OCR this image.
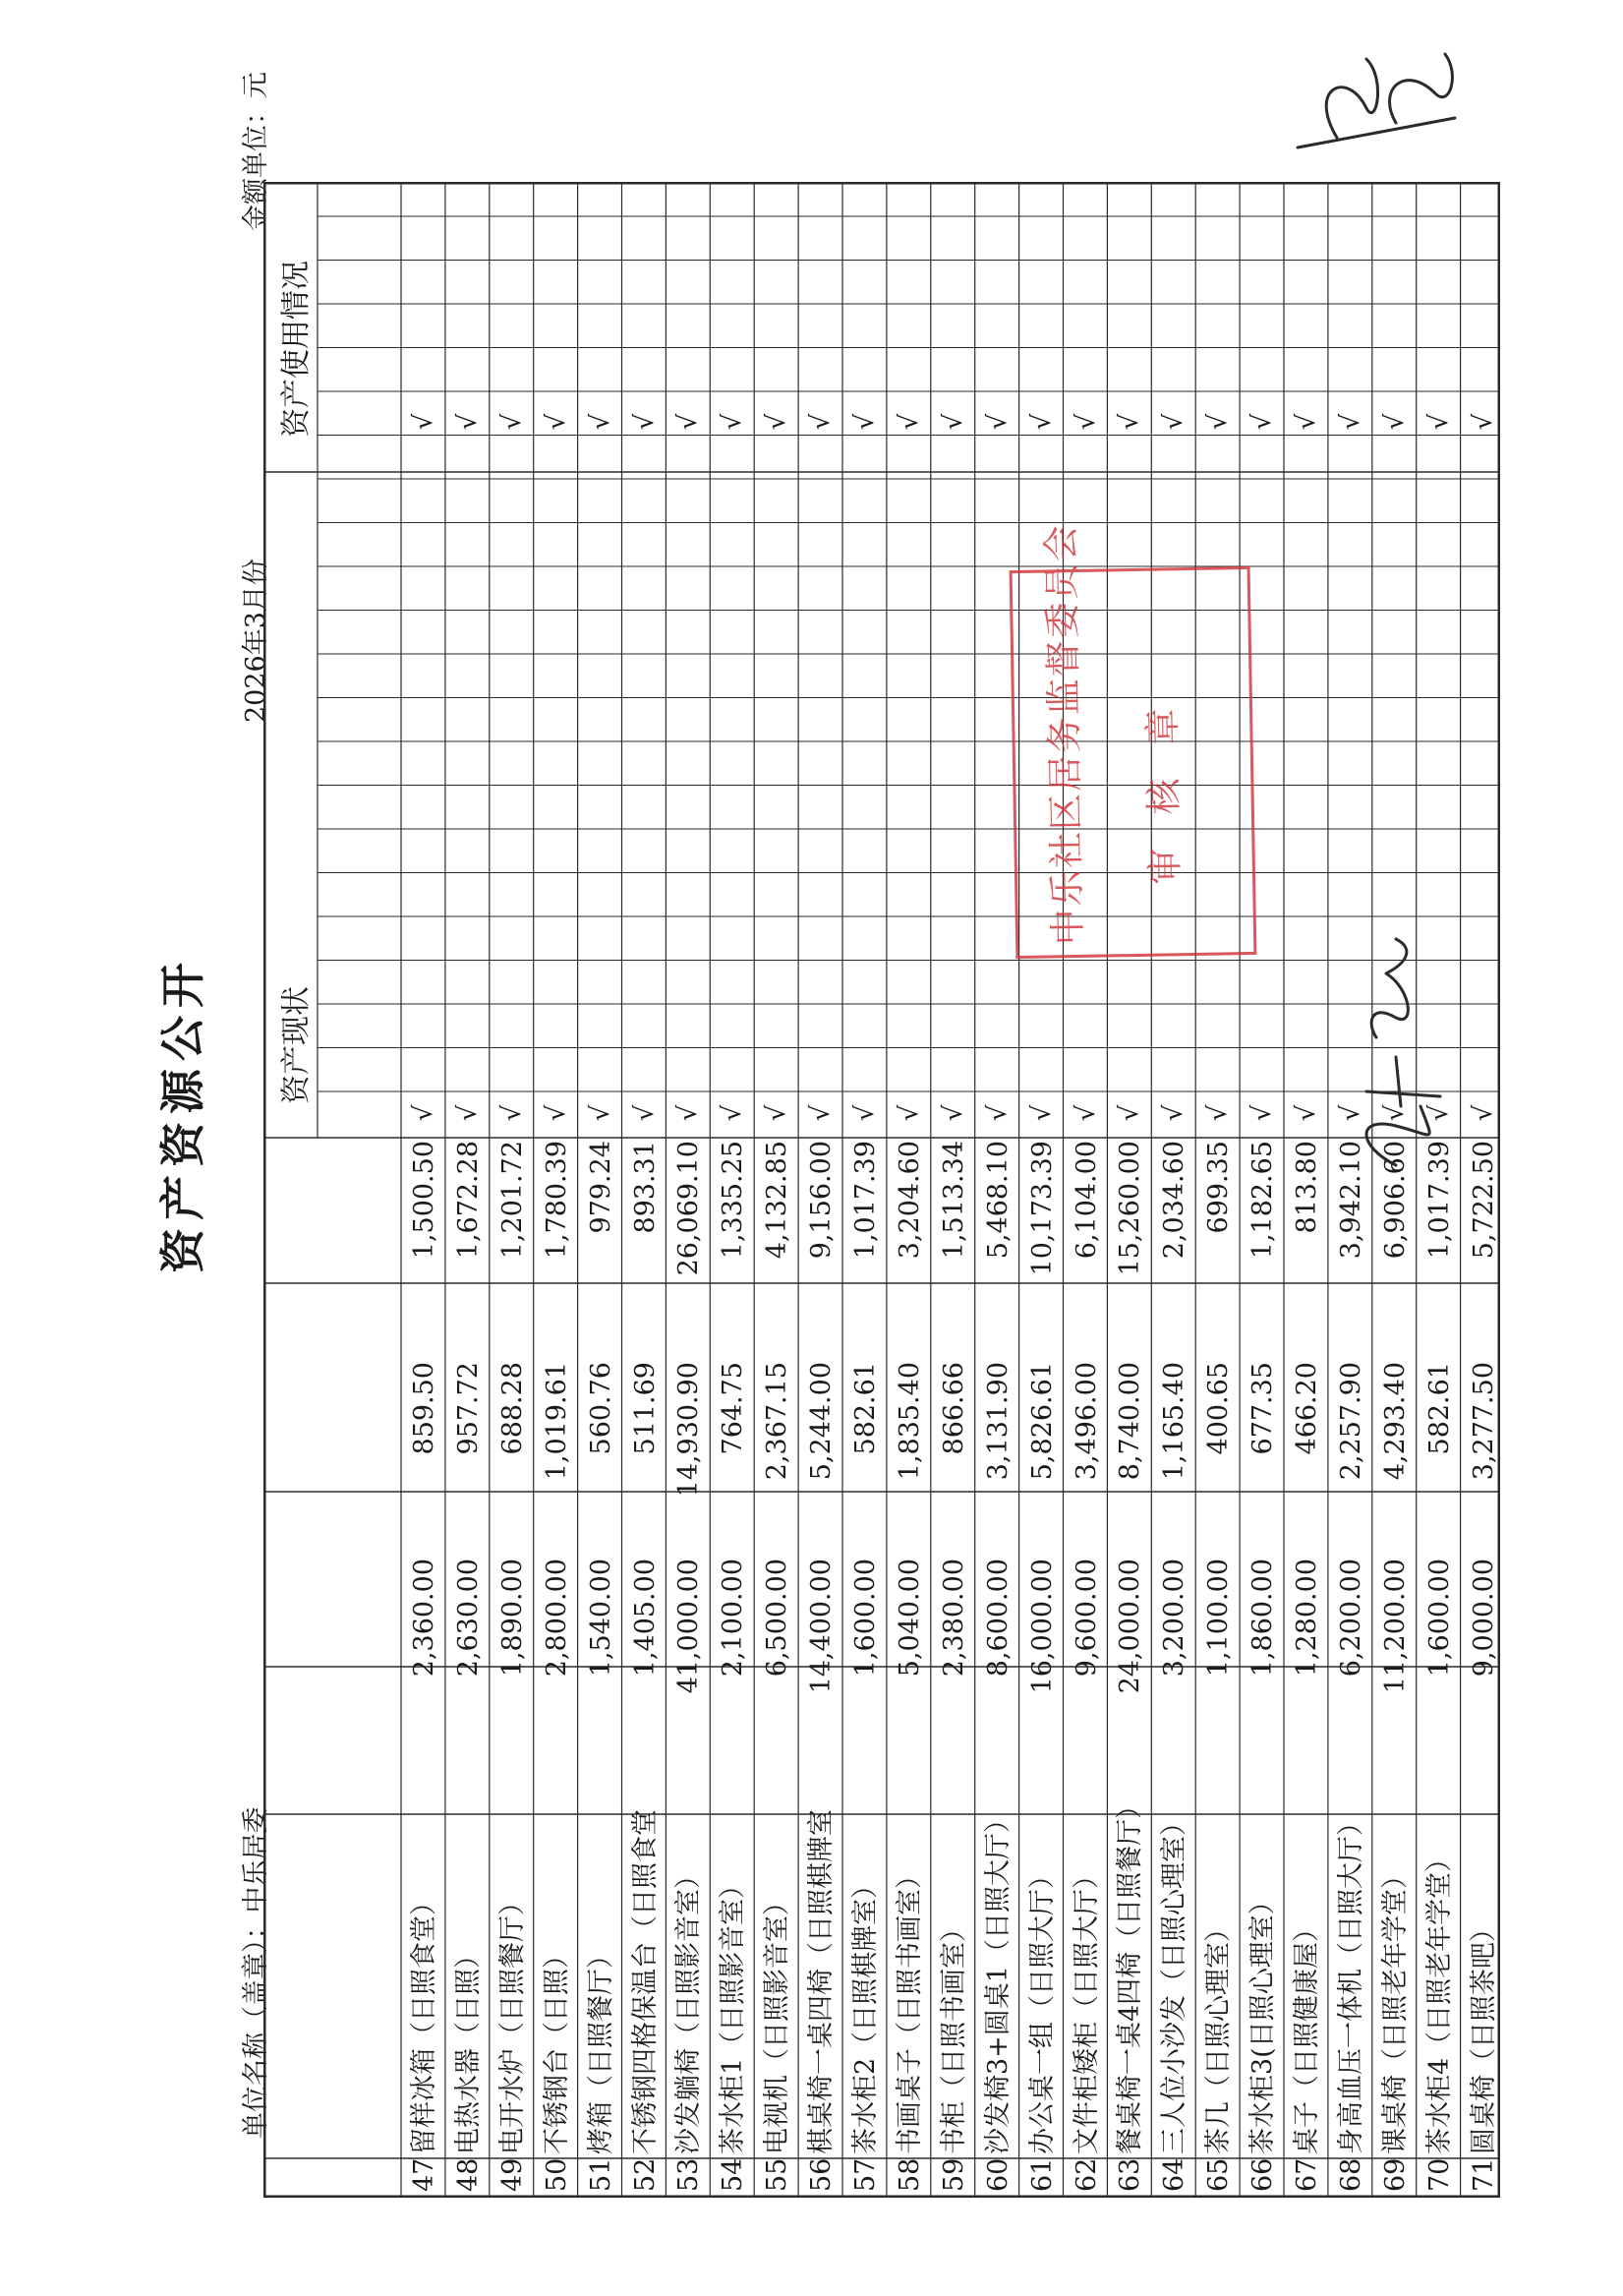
资产资源公开
单位名称（盖章）：中乐居委
2026年3月份
金额单位：元
资产现状
资产使用情况
47
留样冰箱（日照食堂）
2,360.00
859.50
1,500.50
√
√
48
电热水器（日照）
2,630.00
957.72
1,672.28
√
√
49
电开水炉（日照餐厅）
1,890.00
688.28
1,201.72
√
√
50
不锈钢台（日照）
2,800.00
1,019.61
1,780.39
√
√
51
烤箱（日照餐厅）
1,540.00
560.76
979.24
√
√
52
不锈钢四格保温台（日照食堂
1,405.00
511.69
893.31
√
√
53
沙发躺椅（日照影音室）
41,000.00
14,930.90
26,069.10
√
√
54
茶水柜1（日照影音室）
2,100.00
764.75
1,335.25
√
√
55
电视机（日照影音室）
6,500.00
2,367.15
4,132.85
√
√
56
棋桌椅一桌四椅（日照棋牌室
14,400.00
5,244.00
9,156.00
√
√
57
茶水柜2（日照棋牌室）
1,600.00
582.61
1,017.39
√
√
58
书画桌子（日照书画室）
5,040.00
1,835.40
3,204.60
√
√
59
书柜（日照书画室）
2,380.00
866.66
1,513.34
√
√
60
沙发椅3+圆桌1（日照大厅）
8,600.00
3,131.90
5,468.10
√
√
61
办公桌一组（日照大厅）
16,000.00
5,826.61
10,173.39
√
√
62
文件柜矮柜（日照大厅）
9,600.00
3,496.00
6,104.00
√
√
63
餐桌椅一桌4四椅（日照餐厅）
24,000.00
8,740.00
15,260.00
√
√
64
三人位小沙发（日照心理室）
3,200.00
1,165.40
2,034.60
√
√
65
茶几（日照心理室）
1,100.00
400.65
699.35
√
√
66
茶水柜3(日照心理室）
1,860.00
677.35
1,182.65
√
√
67
桌子（日照健康屋）
1,280.00
466.20
813.80
√
√
68
身高血压一体机（日照大厅）
6,200.00
2,257.90
3,942.10
√
√
69
课桌椅（日照老年学堂）
11,200.00
4,293.40
6,906.60
√
√
70
茶水柜4（日照老年学堂）
1,600.00
582.61
1,017.39
√
√
71
圆桌椅（日照茶吧）
9,000.00
3,277.50
5,722.50
√
√
中乐社区居务监督委员会 审核章
